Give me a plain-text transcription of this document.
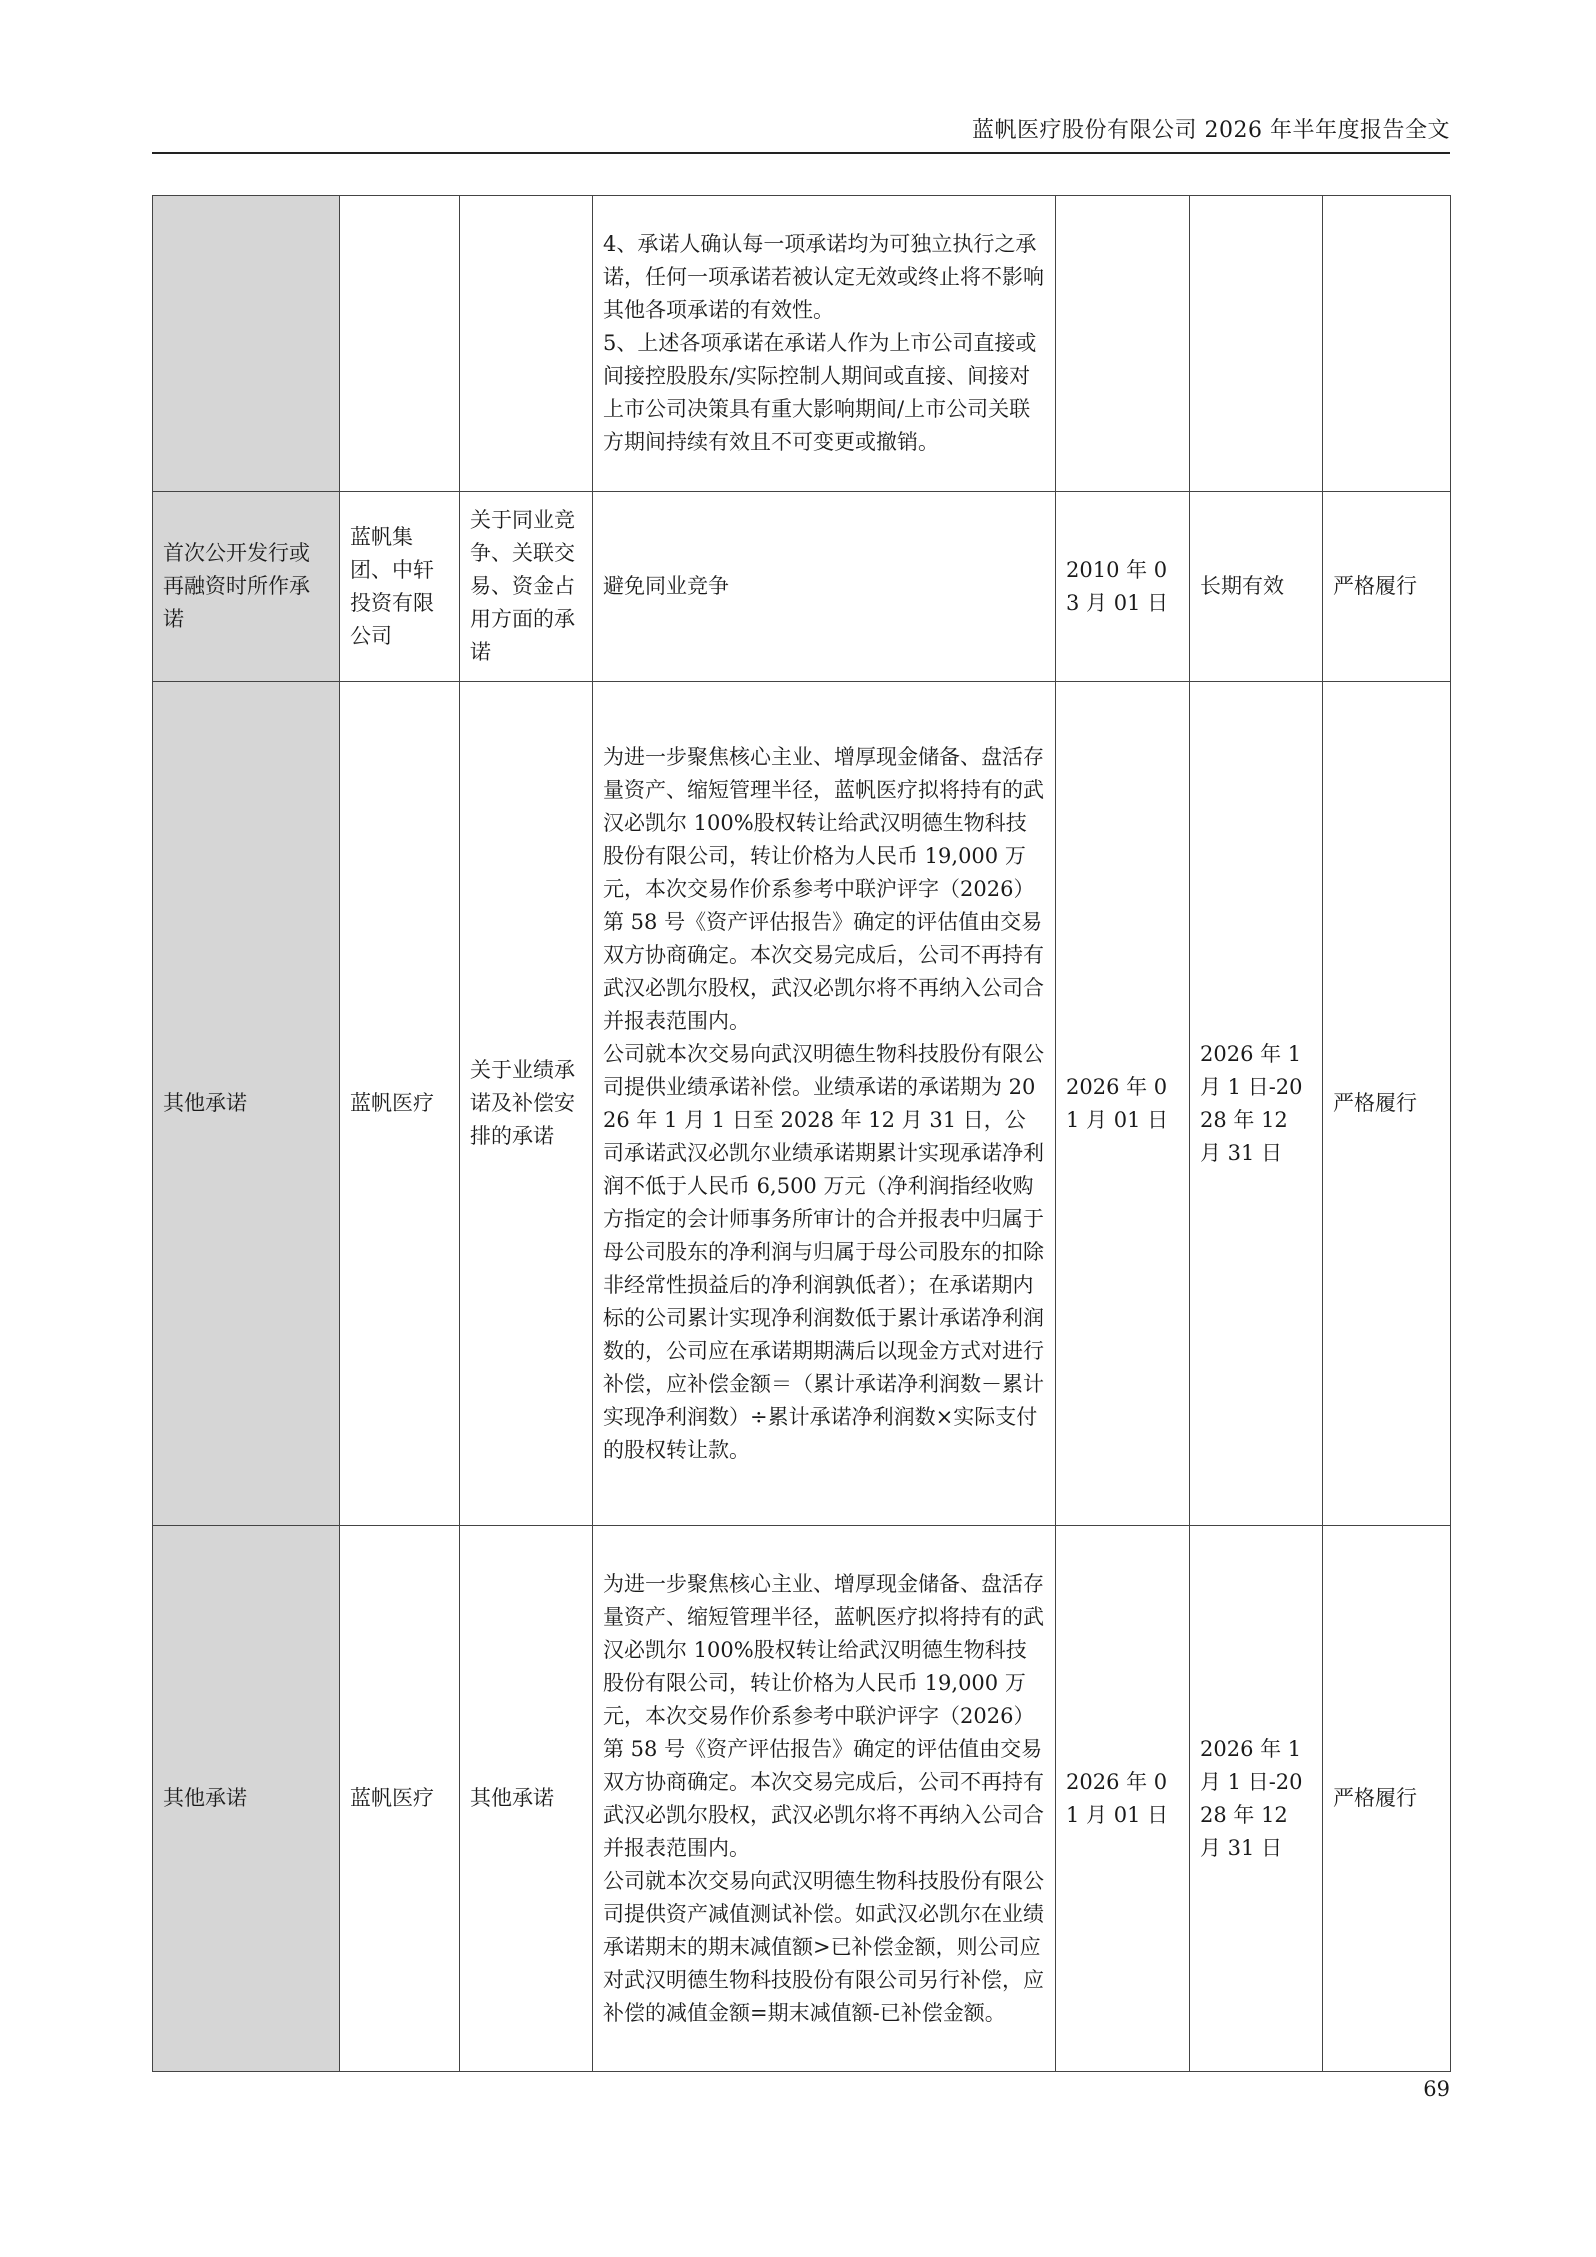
蓝帆医疗股份有限公司 2026 年半年度报告全文

			4、承诺人确认每一项承诺均为可独立执行之承诺，任何一项承诺若被认定无效或终止将不影响其他各项承诺的有效性。
5、上述各项承诺在承诺人作为上市公司直接或间接控股股东/实际控制人期间或直接、间接对上市公司决策具有重大影响期间/上市公司关联方期间持续有效且不可变更或撤销。			

首次公开发行或再融资时所作承诺	蓝帆集团、中轩投资有限公司	关于同业竞争、关联交易、资金占用方面的承诺	避免同业竞争	2010 年 03 月 01 日	长期有效	严格履行
其他承诺	蓝帆医疗	关于业绩承诺及补偿安排的承诺	为进一步聚焦核心主业、增厚现金储备、盘活存量资产、缩短管理半径，蓝帆医疗拟将持有的武汉必凯尔 100%股权转让给武汉明德生物科技股份有限公司，转让价格为人民币 19,000 万元，本次交易作价系参考中联沪评字（2026）第 58 号《资产评估报告》确定的评估值由交易双方协商确定。本次交易完成后，公司不再持有武汉必凯尔股权，武汉必凯尔将不再纳入公司合并报表范围内。
公司就本次交易向武汉明德生物科技股份有限公司提供业绩承诺补偿。业绩承诺的承诺期为 2026 年 1 月 1 日至 2028 年 12 月 31 日，公司承诺武汉必凯尔业绩承诺期累计实现承诺净利润不低于人民币 6,500 万元（净利润指经收购方指定的会计师事务所审计的合并报表中归属于母公司股东的净利润与归属于母公司股东的扣除非经常性损益后的净利润孰低者）；在承诺期内标的公司累计实现净利润数低于累计承诺净利润数的，公司应在承诺期期满后以现金方式对进行补偿，应补偿金额＝（累计承诺净利润数－累计实现净利润数）÷累计承诺净利润数×实际支付的股权转让款。	2026 年 01 月 01 日	2026 年 1 月 1 日-2028 年 12 月 31 日	严格履行
其他承诺	蓝帆医疗	其他承诺	为进一步聚焦核心主业、增厚现金储备、盘活存量资产、缩短管理半径，蓝帆医疗拟将持有的武汉必凯尔 100%股权转让给武汉明德生物科技股份有限公司，转让价格为人民币 19,000 万元，本次交易作价系参考中联沪评字（2026）第 58 号《资产评估报告》确定的评估值由交易双方协商确定。本次交易完成后，公司不再持有武汉必凯尔股权，武汉必凯尔将不再纳入公司合并报表范围内。
公司就本次交易向武汉明德生物科技股份有限公司提供资产减值测试补偿。如武汉必凯尔在业绩承诺期末的期末减值额>已补偿金额，则公司应对武汉明德生物科技股份有限公司另行补偿，应补偿的减值金额=期末减值额-已补偿金额。	2026 年 01 月 01 日	2026 年 1 月 1 日-2028 年 12 月 31 日	严格履行
69
